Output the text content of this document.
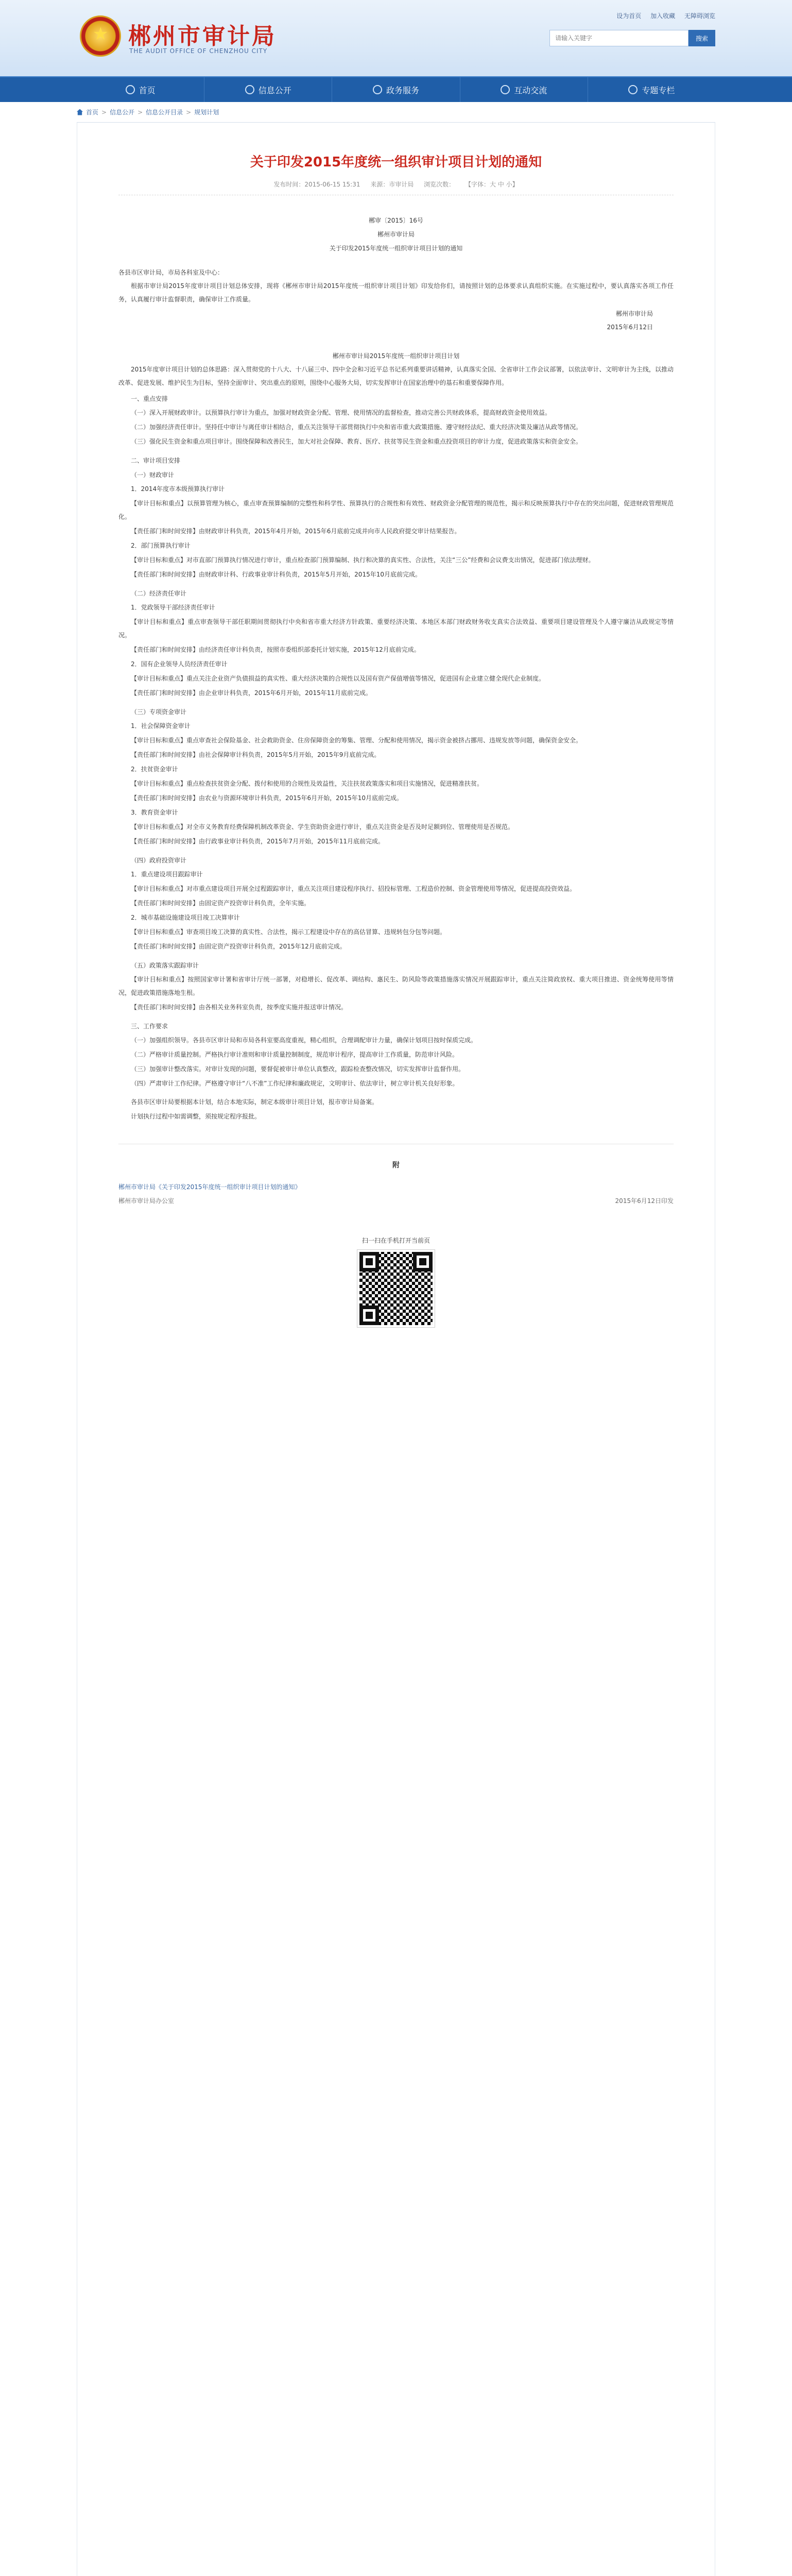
★ 郴州市审计局
THE AUDIT OFFICE OF CHENZHOU CITY
设为首页 加入收藏 无障碍浏览
请输入关键字
搜索
首页	信息公开	政务服务	互动交流	专题专栏
首页 > 信息公开 > 信息公开目录 > 规划计划
关于印发2015年度统一组织审计项目计划的通知
发布时间：2015-06-15 15:31 来源：市审计局 浏览次数： 【字体：大 中 小】
郴审〔2015〕16号
郴州市审计局
关于印发2015年度统一组织审计项目计划的通知

各县市区审计局，市局各科室及中心：

根据市审计局2015年度审计项目计划总体安排，现将《郴州市审计局2015年度统一组织审计项目计划》印发给你们，请按照计划的总体要求认真组织实施。在实施过程中，要认真落实各项工作任务，认真履行审计监督职责，确保审计工作质量。

郴州市审计局

2015年6月12日

郴州市审计局2015年度统一组织审计项目计划

2015年度审计项目计划的总体思路：深入贯彻党的十八大、十八届三中、四中全会和习近平总书记系列重要讲话精神，认真落实全国、全省审计工作会议部署，以依法审计、文明审计为主线，以推动改革、促进发展、维护民生为目标，坚持全面审计、突出重点的原则，围绕中心服务大局，切实发挥审计在国家治理中的基石和重要保障作用。

一、重点安排

（一）深入开展财政审计。以预算执行审计为重点，加强对财政资金分配、管理、使用情况的监督检查，推动完善公共财政体系，提高财政资金使用效益。

（二）加强经济责任审计。坚持任中审计与离任审计相结合，重点关注领导干部贯彻执行中央和省市重大政策措施、遵守财经法纪、重大经济决策及廉洁从政等情况。

（三）强化民生资金和重点项目审计。围绕保障和改善民生，加大对社会保障、教育、医疗、扶贫等民生资金和重点投资项目的审计力度，促进政策落实和资金安全。

二、审计项目安排
（一）财政审计

1．2014年度市本级预算执行审计

【审计目标和重点】以预算管理为核心，重点审查预算编制的完整性和科学性、预算执行的合规性和有效性、财政资金分配管理的规范性，揭示和反映预算执行中存在的突出问题，促进财政管理规范化。

【责任部门和时间安排】由财政审计科负责，2015年4月开始，2015年6月底前完成并向市人民政府提交审计结果报告。

2．部门预算执行审计

【审计目标和重点】对市直部门预算执行情况进行审计，重点检查部门预算编制、执行和决算的真实性、合法性，关注“三公”经费和会议费支出情况，促进部门依法理财。

【责任部门和时间安排】由财政审计科、行政事业审计科负责，2015年5月开始，2015年10月底前完成。

（二）经济责任审计

1．党政领导干部经济责任审计

【审计目标和重点】重点审查领导干部任职期间贯彻执行中央和省市重大经济方针政策、重要经济决策、本地区本部门财政财务收支真实合法效益、重要项目建设管理及个人遵守廉洁从政规定等情况。

【责任部门和时间安排】由经济责任审计科负责，按照市委组织部委托计划实施，2015年12月底前完成。

2．国有企业领导人员经济责任审计

【审计目标和重点】重点关注企业资产负债损益的真实性、重大经济决策的合规性以及国有资产保值增值等情况，促进国有企业建立健全现代企业制度。

【责任部门和时间安排】由企业审计科负责，2015年6月开始，2015年11月底前完成。

（三）专项资金审计

1．社会保障资金审计

【审计目标和重点】重点审查社会保险基金、社会救助资金、住房保障资金的筹集、管理、分配和使用情况，揭示资金被挤占挪用、违规发放等问题，确保资金安全。

【责任部门和时间安排】由社会保障审计科负责，2015年5月开始，2015年9月底前完成。

2．扶贫资金审计

【审计目标和重点】重点检查扶贫资金分配、拨付和使用的合规性及效益性，关注扶贫政策落实和项目实施情况，促进精准扶贫。

【责任部门和时间安排】由农业与资源环境审计科负责，2015年6月开始，2015年10月底前完成。

3．教育资金审计

【审计目标和重点】对全市义务教育经费保障机制改革资金、学生资助资金进行审计，重点关注资金是否及时足额到位、管理使用是否规范。

【责任部门和时间安排】由行政事业审计科负责，2015年7月开始，2015年11月底前完成。

（四）政府投资审计

1．重点建设项目跟踪审计

【审计目标和重点】对市重点建设项目开展全过程跟踪审计，重点关注项目建设程序执行、招投标管理、工程造价控制、资金管理使用等情况，促进提高投资效益。

【责任部门和时间安排】由固定资产投资审计科负责，全年实施。

2．城市基础设施建设项目竣工决算审计

【审计目标和重点】审查项目竣工决算的真实性、合法性，揭示工程建设中存在的高估冒算、违规转包分包等问题。

【责任部门和时间安排】由固定资产投资审计科负责，2015年12月底前完成。

（五）政策落实跟踪审计

【审计目标和重点】按照国家审计署和省审计厅统一部署，对稳增长、促改革、调结构、惠民生、防风险等政策措施落实情况开展跟踪审计，重点关注简政放权、重大项目推进、资金统筹使用等情况，促进政策措施落地生根。

【责任部门和时间安排】由各相关业务科室负责，按季度实施并报送审计情况。

三、工作要求

（一）加强组织领导。各县市区审计局和市局各科室要高度重视，精心组织，合理调配审计力量，确保计划项目按时保质完成。

（二）严格审计质量控制。严格执行审计准则和审计质量控制制度，规范审计程序，提高审计工作质量，防范审计风险。

（三）加强审计整改落实。对审计发现的问题，要督促被审计单位认真整改，跟踪检查整改情况，切实发挥审计监督作用。

（四）严肃审计工作纪律。严格遵守审计“八不准”工作纪律和廉政规定，文明审计、依法审计，树立审计机关良好形象。

各县市区审计局要根据本计划，结合本地实际，制定本级审计项目计划，报市审计局备案。

计划执行过程中如需调整，须按规定程序报批。

附
郴州市审计局《关于印发2015年度统一组织审计项目计划的通知》
郴州市审计局办公室	2015年6月12日印发
扫一扫在手机打开当前页
